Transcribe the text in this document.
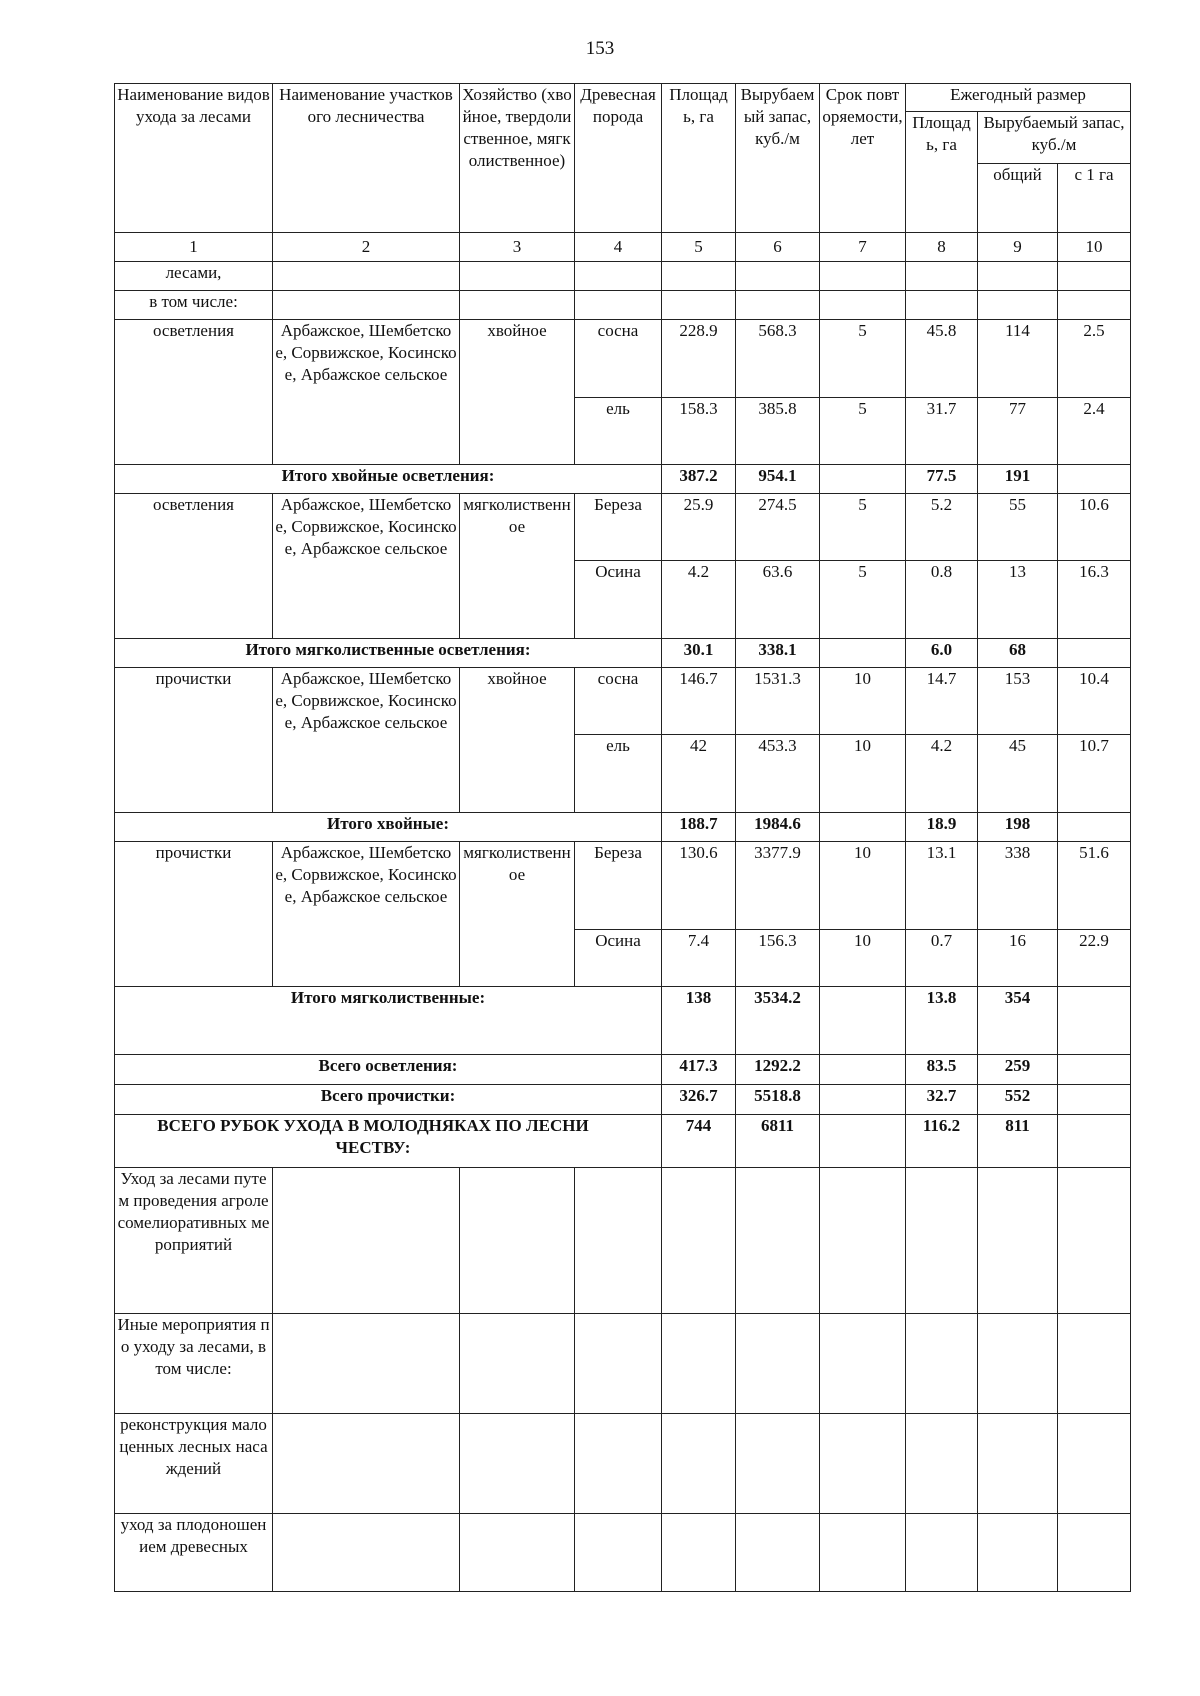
153
Наименование видов ухода за лесами	Наименование участкового лесничества	Хозяйство (хвойное, твердолиственное, мягколиственное)	Древесная порода	Площадь, га	Вырубаемый запас, куб./м	Срок повторяемости, лет	Ежегодный размер		
							Площадь, га	Вырубаемый запас, куб./м	
								общий	с 1 га
1	2	3	4	5	6	7	8	9	10
лесами,									
в том числе:									
осветления	Арбажское, Шембетское, Сорвижское, Косинское, Арбажское сельское	хвойное	сосна	228.9	568.3	5	45.8	114	2.5
			ель	158.3	385.8	5	31.7	77	2.4
Итого хвойные осветления:				387.2	954.1		77.5	191	
осветления	Арбажское, Шембетское, Сорвижское, Косинское, Арбажское сельское	мягколиственное	Береза	25.9	274.5	5	5.2	55	10.6
			Осина	4.2	63.6	5	0.8	13	16.3
Итого мягколиственные осветления:				30.1	338.1		6.0	68	
прочистки	Арбажское, Шембетское, Сорвижское, Косинское, Арбажское сельское	хвойное	сосна	146.7	1531.3	10	14.7	153	10.4
			ель	42	453.3	10	4.2	45	10.7
Итого хвойные:				188.7	1984.6		18.9	198	
прочистки	Арбажское, Шембетское, Сорвижское, Косинское, Арбажское сельское	мягколиственное	Береза	130.6	3377.9	10	13.1	338	51.6
			Осина	7.4	156.3	10	0.7	16	22.9
Итого мягколиственные:				138	3534.2		13.8	354	
Всего осветления:				417.3	1292.2		83.5	259	
Всего прочистки:				326.7	5518.8		32.7	552	
ВСЕГО РУБОК УХОДА В МОЛОДНЯКАХ ПО ЛЕСНИЧЕСТВУ:				744	6811		116.2	811	
Уход за лесами путем проведения агролесомелиоративных мероприятий									
Иные мероприятия по уходу за лесами, в том числе:									
реконструкция малоценных лесных насаждений									
уход за плодоношением древесных									
